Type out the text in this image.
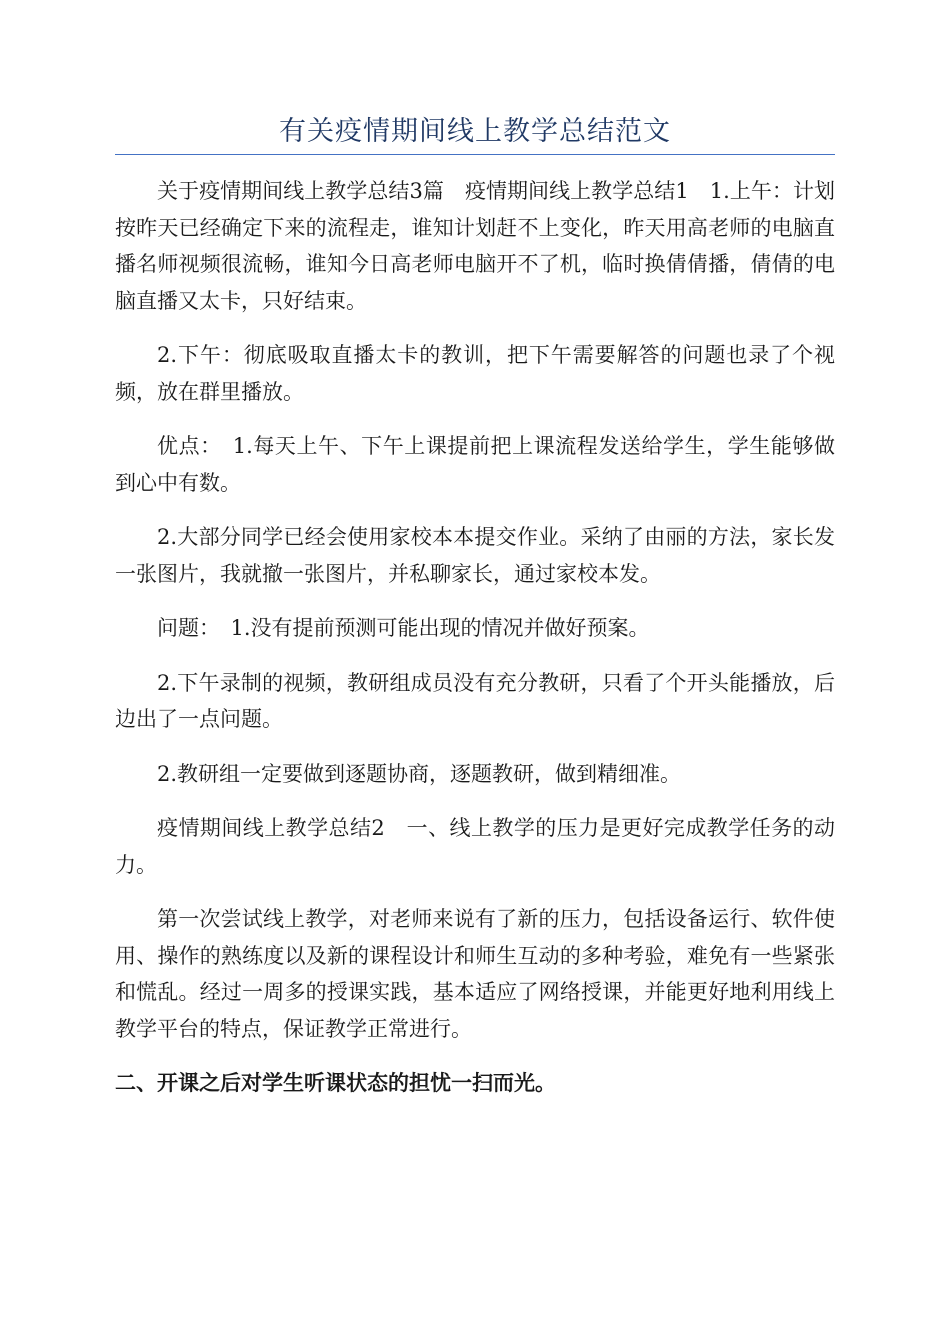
有关疫情期间线上教学总结范文

关于疫情期间线上教学总结3篇　疫情期间线上教学总结1　1.上午：计划按昨天已经确定下来的流程走，谁知计划赶不上变化，昨天用高老师的电脑直播名师视频很流畅，谁知今日高老师电脑开不了机，临时换倩倩播，倩倩的电脑直播又太卡，只好结束。

2.下午：彻底吸取直播太卡的教训，把下午需要解答的问题也录了个视频，放在群里播放。

优点：　1.每天上午、下午上课提前把上课流程发送给学生，学生能够做到心中有数。

2.大部分同学已经会使用家校本本提交作业。采纳了由丽的方法，家长发一张图片，我就撤一张图片，并私聊家长，通过家校本发。

问题：　1.没有提前预测可能出现的情况并做好预案。

2.下午录制的视频，教研组成员没有充分教研，只看了个开头能播放，后边出了一点问题。

2.教研组一定要做到逐题协商，逐题教研，做到精细准。

疫情期间线上教学总结2　一、线上教学的压力是更好完成教学任务的动力。

第一次尝试线上教学，对老师来说有了新的压力，包括设备运行、软件使用、操作的熟练度以及新的课程设计和师生互动的多种考验，难免有一些紧张和慌乱。经过一周多的授课实践，基本适应了网络授课，并能更好地利用线上教学平台的特点，保证教学正常进行。

二、开课之后对学生听课状态的担忧一扫而光。
